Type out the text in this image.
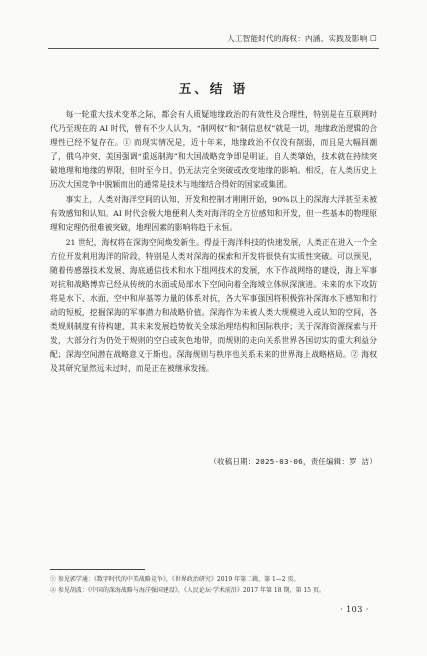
人工智能时代的海权：内涵、实践及影响 ☐
五、结 语

每一轮重大技术变革之际，都会有人质疑地缘政治的有效性及合理性，特别是在互联网时代乃至现在的 AI 时代，曾有不少人认为，“制网权”和“制信息权”就是一切，地缘政治逻辑的合理性已经不复存在。① 而现实情况是，近十年来，地缘政治不仅没有削弱，而且是大幅回潮了，俄乌冲突、美国强调“重返制海”和大国战略竞争即是明证。自人类肇始，技术就在持续突破地理和地缘的界限，但时至今日，仍无法完全突破或改变地缘的影响。相反，在人类历史上历次大国竞争中脱颖而出的通常是技术与地缘结合得好的国家或集团。

事实上，人类对海洋空间的认知、开发和控制才刚刚开始，90%以上的深海大洋甚至未被有效感知和认知。AI 时代会极大地便利人类对海洋的全方位感知和开发，但一些基本的物理原理和定理仍很难被突破，地理因素的影响将趋于永恒。

21 世纪，海权将在深海空间焕发新生。得益于海洋科技的快速发展，人类正在进入一个全方位开发利用海洋的阶段，特别是人类对深海的探索和开发将很快有实质性突破。可以预见，随着传感器技术发展、海底通信技术和水下组网技术的发展，水下作战网络的建设，海上军事对抗和战略博弈已经从传统的水面或局部水下空间向着全海域立体纵深演进。未来的水下攻防将是水下、水面、空中和岸基等力量的体系对抗，各大军事强国将积极弥补深海水下感知和行动的短板，挖掘深海的军事潜力和战略价值。深海作为未被人类大规模进入或认知的空间，各类规则制度有待构建，其未来发展趋势攸关全球治理结构和国际秩序；关于深海资源探索与开发，大部分行为仍处于规则的空白或灰色地带，而规则的走向关系世界各国切实的重大利益分配；深海空间潜在战略意义于斯也。深海规则与秩序也关系未来的世界海上战略格局。② 海权及其研究显然远未过时，而是正在被继承发扬。

（收稿日期：2025-03-06，责任编辑：罗 洁）
① 参见郭学通：《数字时代的中美战略竞争》，《世界政治研究》2019 年第二辑，第 1—2 页。
② 参见胡波：《中国的深海战略与海洋强国建设》，《人民论坛·学术前沿》2017 年第 18 期，第 15 页。
· 103 ·
